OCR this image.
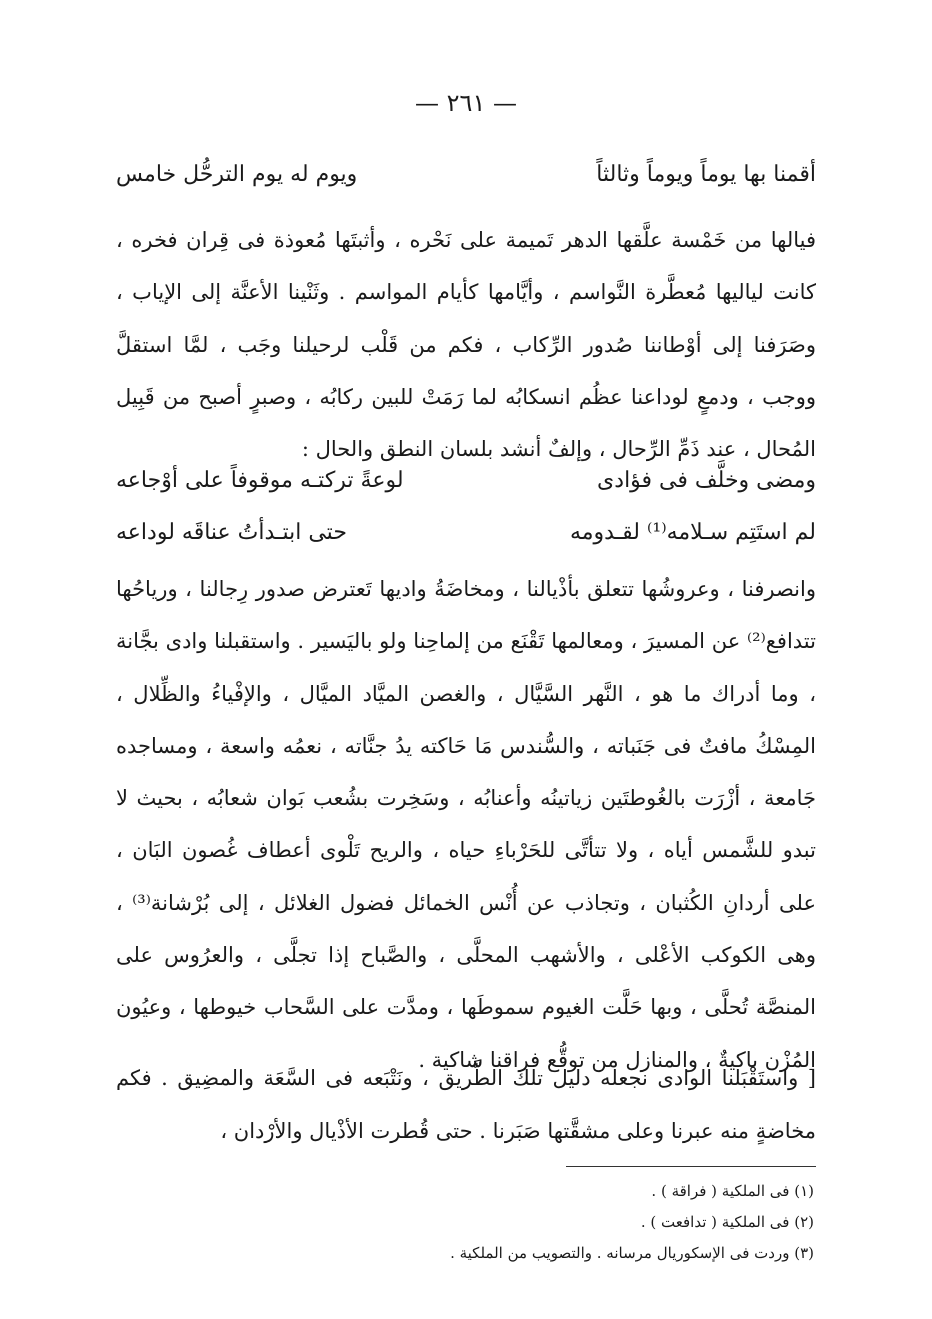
— ٢٦١ —

أقمنا بها يوماً ويوماً وثالثاً
ويوم له يوم الترحُّل خامس

فيالها من خَمْسة علَّقها الدهر تَميمة على نَحْره ، وأثبتَها مُعوذة فى قِران فخره ، كانت لياليها مُعطَّرة النَّواسم ، وأيَّامها كأيام المواسم . وثَنْينا الأعنَّة إلى الإياب ، وصَرَفنا إلى أوْطاننا صُدور الرِّكاب ، فكم من قَلْب لرحيلنا وجَب ، لمَّا استقلَّ ووجب ، ودمعٍ لوداعنا عظُم انسكابُه لما رَمَتْ للبين ركابُه ، وصبرٍ أصبح من قَبِيل المُحال ، عند ذَمِّ الرِّحال ، وإلفٌ أنشد بلسان النطق والحال :

ومضى وخلَّف فى فؤادى
لوعةً تركتـه موقوفاً على أوْجاعه
لم استَتِم سـلامه⁽¹⁾ لقـدومه
حتى ابتـدأتُ عناقَه لوداعه

وانصرفنا ، وعروشُها تتعلق بأذْيالنا ، ومخاضَةُ واديها تَعترض صدور رِجالنا ، ورياحُها تتدافع⁽²⁾ عن المسيرَ ، ومعالمها تَقْنَع من إلماحِنا ولو باليَسير . واستقبلنا وادى بجَّانة ، وما أدراك ما هو ، النَّهر السَّيَّال ، والغصن الميَّاد الميَّال ، والإفْياءُ والظِّلال ، المِسْكُ مافتٌ فى جَنَباته ، والسُّندس مَا حَاكته يدُ جنَّاته ، نعمُه واسعة ، ومساجده جَامعة ، أزْرَت بالغُوطتَين زياتينُه وأعنابُه ، وسَخِرت بشُعب بَوان شعابُه ، بحيث لا تبدو للشَّمس أياه ، ولا تتأتَّى للحَرْباءِ حياه ، والريح تَلْوى أعطاف غُصون البَان ، على أردانِ الكُثبان ، وتجاذب عن أُنْس الخمائل فضول الغلائل ، إلى بُرْشانة⁽³⁾ ، وهى الكوكب الأعْلى ، والأشهب المحلَّى ، والصَّباح إذا تجلَّى ، والعرُوس على المنصَّة تُحلَّى ، وبها حَلَّت الغيوم سموطَها ، ومدَّت على السَّحاب خيوطها ، وعيُون المُزْن باكيةٌ ، والمنازل من توقُّع فراقنا شاكية .

[ واستَقْبَلنا الوادى نجعله دليل تلك الطَّريق ، ونَتْبَعه فى السَّعَة والمضِيق . فكم مخاضةٍ منه عبرنا وعلى مشقَّتها صَبَرنا . حتى قُطرت الأذْيال والأرْدان ،

(١) فى الملكية ( فراقة ) .
(٢) فى الملكية ( تدافعت ) .
(٣) وردت فى الإسكوريال مرسانه . والتصويب من الملكية .
